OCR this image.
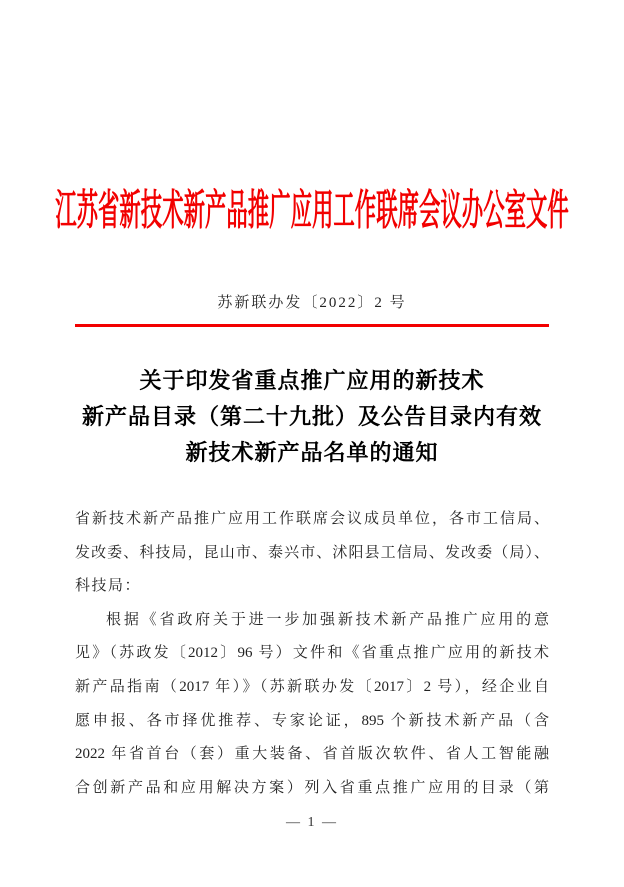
江苏省新技术新产品推广应用工作联席会议办公室文件
苏新联办发〔2022〕2 号
关于印发省重点推广应用的新技术
新产品目录（第二十九批）及公告目录内有效
新技术新产品名单的通知
省新技术新产品推广应用工作联席会议成员单位，各市工信局、
发改委、科技局，昆山市、泰兴市、沭阳县工信局、发改委（局）、
科技局：
根据《省政府关于进一步加强新技术新产品推广应用的意
见》（苏政发〔2012〕96 号）文件和《省重点推广应用的新技术
新产品指南（2017 年）》（苏新联办发〔2017〕2 号），经企业自
愿申报、各市择优推荐、专家论证，895 个新技术新产品（含
2022 年省首台（套）重大装备、省首版次软件、省人工智能融
合创新产品和应用解决方案）列入省重点推广应用的目录（第
— 1 —
